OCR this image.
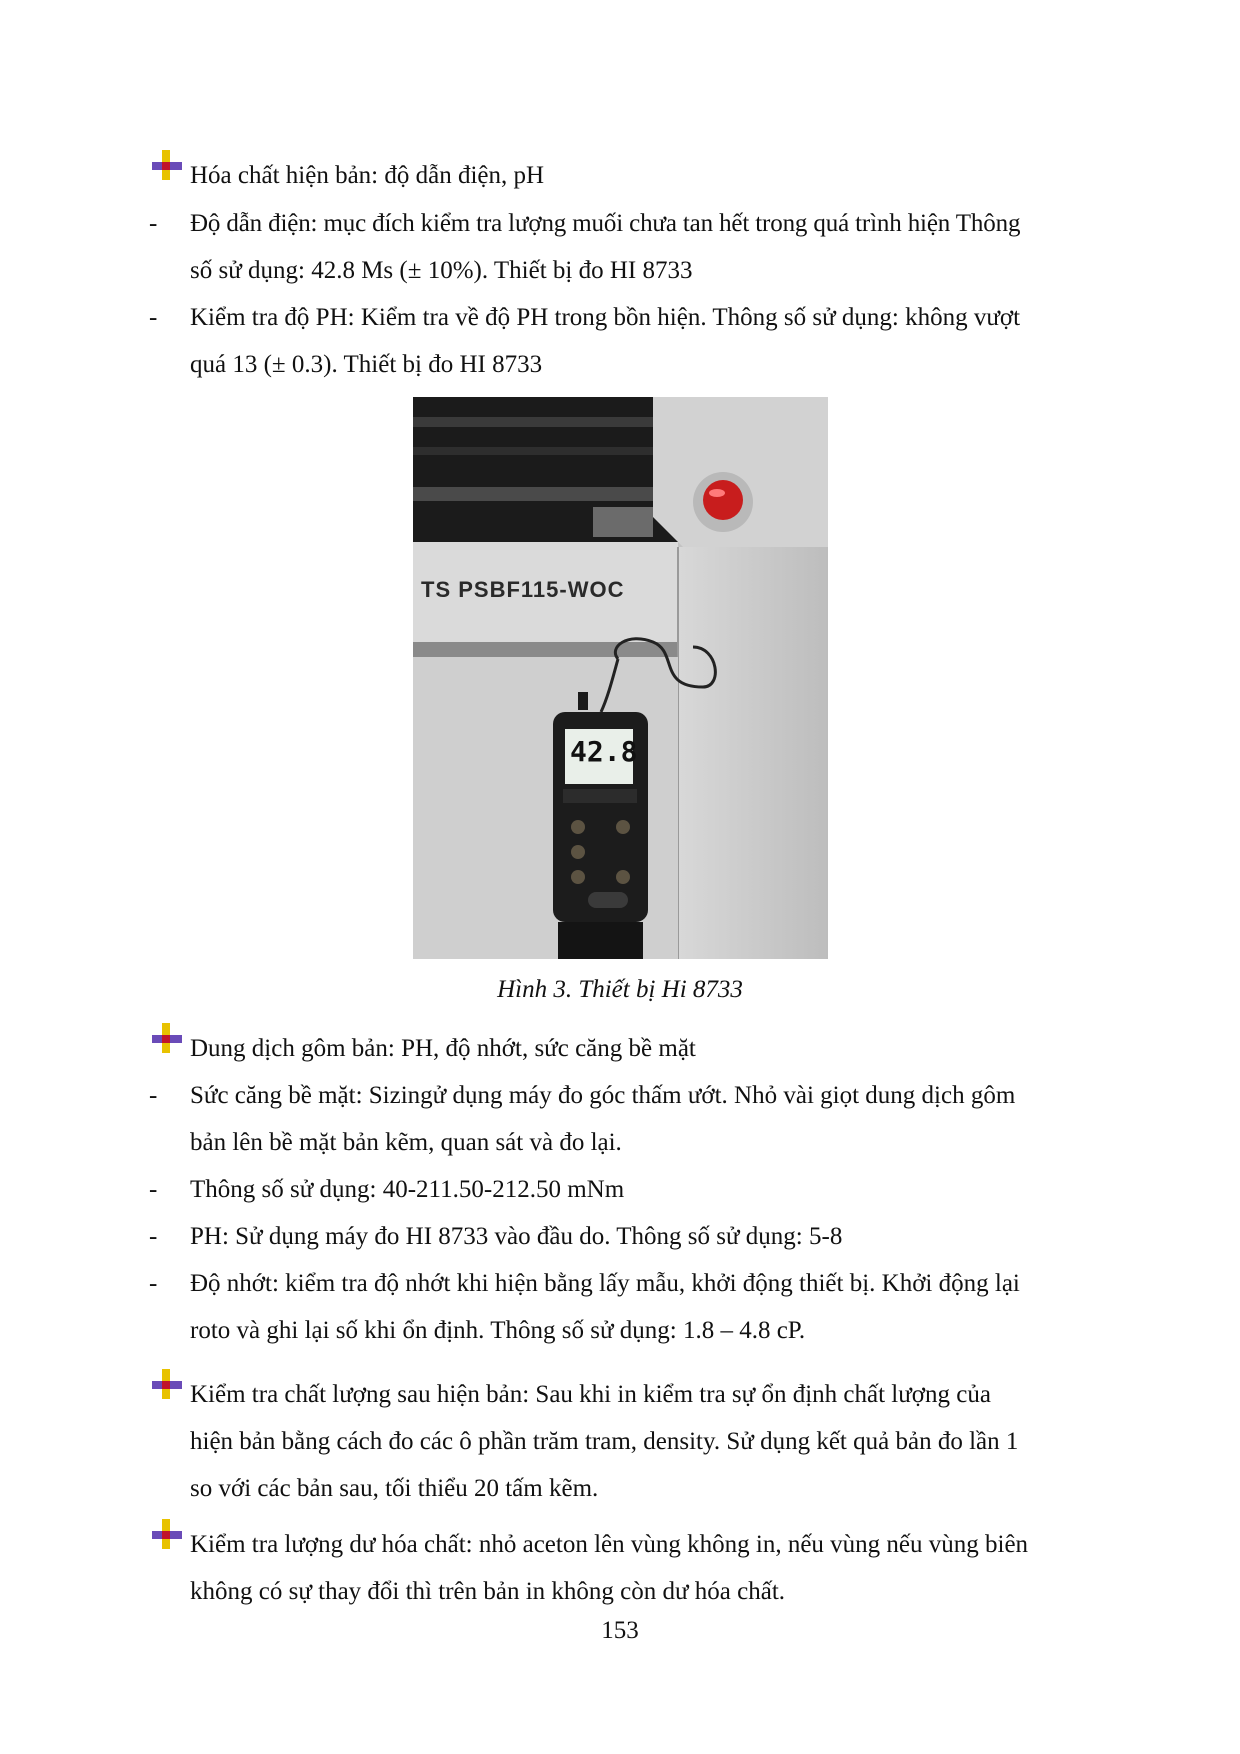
Hóa chất hiện bản: độ dẫn điện, pH
- Độ dẫn điện: mục đích kiểm tra lượng muối chưa tan hết trong quá trình hiện Thông
số sử dụng: 42.8 Ms (± 10%). Thiết bị đo HI 8733
- Kiểm tra độ PH: Kiểm tra về độ PH trong bồn hiện. Thông số sử dụng: không vượt
quá 13 (± 0.3). Thiết bị đo HI 8733
TS PSBF115-WOC
42.8
Hình 3. Thiết bị Hi 8733
Dung dịch gôm bản: PH, độ nhớt, sức căng bề mặt
- Sức căng bề mặt: Sizingử dụng máy đo góc thấm ướt. Nhỏ vài giọt dung dịch gôm
bản lên bề mặt bản kẽm, quan sát và đo lại.
- Thông số sử dụng: 40-211.50-212.50 mNm
- PH: Sử dụng máy đo HI 8733 vào đầu do. Thông số sử dụng: 5-8
- Độ nhớt: kiểm tra độ nhớt khi hiện bằng lấy mẫu, khởi động thiết bị. Khởi động lại
roto và ghi lại số khi ổn định. Thông số sử dụng: 1.8 – 4.8 cP.
Kiểm tra chất lượng sau hiện bản: Sau khi in kiểm tra sự ổn định chất lượng của
hiện bản bằng cách đo các ô phần trăm tram, density. Sử dụng kết quả bản đo lần 1
so với các bản sau, tối thiểu 20 tấm kẽm.
Kiểm tra lượng dư hóa chất: nhỏ aceton lên vùng không in, nếu vùng nếu vùng biên
không có sự thay đổi thì trên bản in không còn dư hóa chất.
153
